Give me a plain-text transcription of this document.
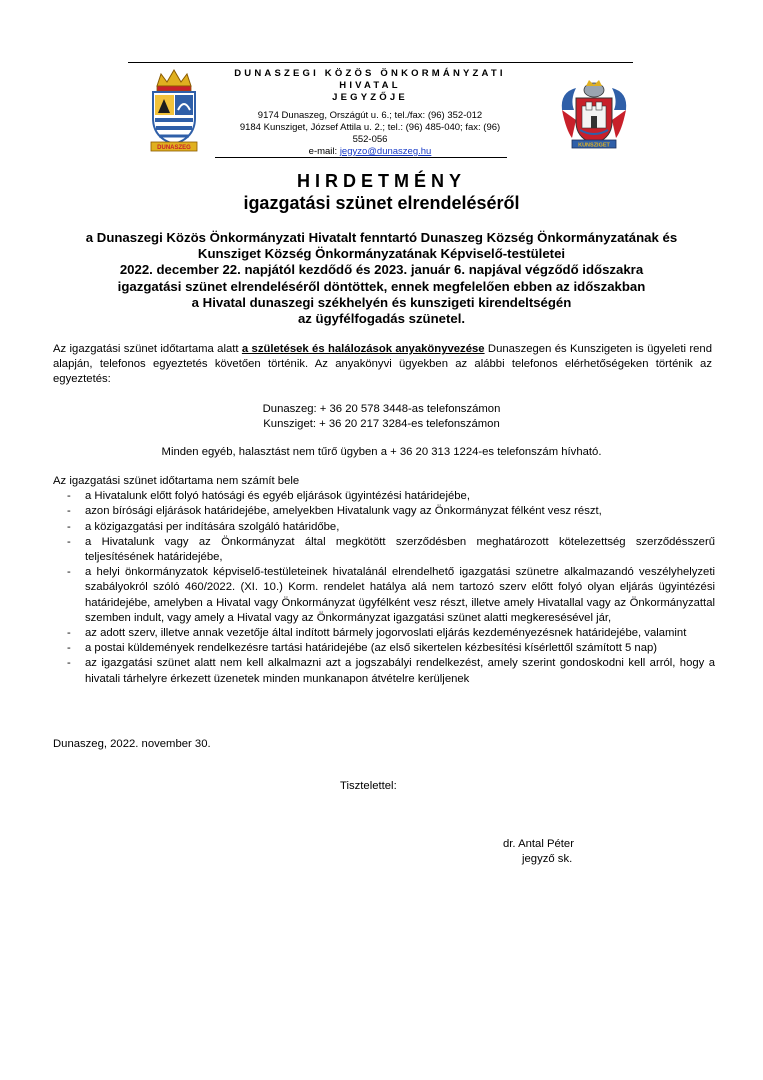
DUNASZEG	KUNSZIGET
DUNASZEGI KÖZÖS ÖNKORMÁNYZATI
HIVATAL
JEGYZŐJE
9174 Dunaszeg, Országút u. 6.; tel./fax: (96) 352-012
9184 Kunsziget, József Attila u. 2.; tel.: (96) 485-040; fax: (96)
552-056
e-mail: jegyzo@dunaszeg.hu
HIRDETMÉNY
igazgatási szünet elrendeléséről
a Dunaszegi Közös Önkormányzati Hivatalt fenntartó Dunaszeg Község Önkormányzatának és
Kunsziget Község Önkormányzatának Képviselő-testületei
2022. december 22. napjától kezdődő és 2023. január 6. napjával végződő időszakra
igazgatási szünet elrendeléséről döntöttek, ennek megfelelően ebben az időszakban
a Hivatal dunaszegi székhelyén és kunszigeti kirendeltségén
az ügyfélfogadás szünetel.
Az igazgatási szünet időtartama alatt a születések és halálozások anyakönyvezése Dunaszegen és Kunszigeten is ügyeleti rend alapján, telefonos egyeztetés követően történik. Az anyakönyvi ügyekben az alábbi telefonos elérhetőségeken történik az egyeztetés:
Dunaszeg: + 36 20 578 3448-as telefonszámon
Kunsziget: + 36 20 217 3284-es telefonszámon
Minden egyéb, halasztást nem tűrő ügyben a + 36 20 313 1224-es telefonszám hívható.
Az igazgatási szünet időtartama nem számít bele
- a Hivatalunk előtt folyó hatósági és egyéb eljárások ügyintézési határidejébe,
- azon bírósági eljárások határidejébe, amelyekben Hivatalunk vagy az Önkormányzat félként vesz részt,
- a közigazgatási per indítására szolgáló határidőbe,
- a Hivatalunk vagy az Önkormányzat által megkötött szerződésben meghatározott kötelezettség szerződésszerű teljesítésének határidejébe,
- a helyi önkormányzatok képviselő-testületeinek hivatalánál elrendelhető igazgatási szünetre alkalmazandó veszélyhelyzeti szabályokról szóló 460/2022. (XI. 10.) Korm. rendelet hatálya alá nem tartozó szerv előtt folyó olyan eljárás ügyintézési határidejébe, amelyben a Hivatal vagy Önkormányzat ügyfélként vesz részt, illetve amely Hivatallal vagy az Önkormányzattal szemben indult, vagy amely a Hivatal vagy az Önkormányzat igazgatási szünet alatti megkeresésével jár,
- az adott szerv, illetve annak vezetője által indított bármely jogorvoslati eljárás kezdeményezésnek határidejébe, valamint
- a postai küldemények rendelkezésre tartási határidejébe (az első sikertelen kézbesítési kísérlettől számított 5 nap)
- az igazgatási szünet alatt nem kell alkalmazni azt a jogszabályi rendelkezést, amely szerint gondoskodni kell arról, hogy a hivatali tárhelyre érkezett üzenetek minden munkanapon átvételre kerüljenek
Dunaszeg, 2022. november 30.
Tisztelettel:
dr. Antal Péter
jegyző sk.
